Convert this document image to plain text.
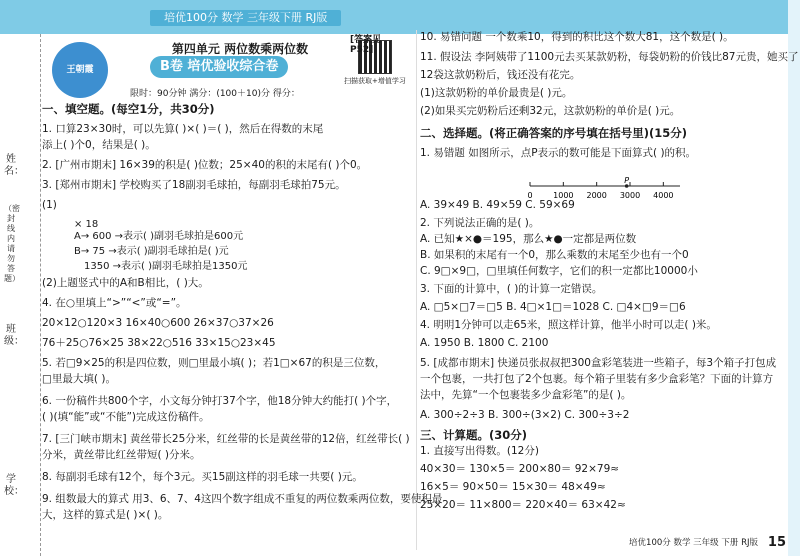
培优100分 数学 三年级下册 RJ版
姓名：
（密封线内请勿答题）
班级：
学校：
王朝霞
第四单元 两位数乘两位数
B卷 培优验收综合卷
扫描获取+增值学习
限时：90分钟 满分：(100＋10)分 得分：
[答案见P52]
一、填空题。(每空1分，共30分)
1. 口算23×30时，可以先算( )×( )＝( )，然后在得数的末尾
添上( )个0，结果是( )。
2. [广州市期末] 16×39的积是( )位数；25×40的积的末尾有( )个0。
3. [郑州市期末] 学校购买了18副羽毛球拍，每副羽毛球拍75元。
(1)
(2)上题竖式中的A和B相比，( )大。
4. 在○里填上“>”“<”或“=”。
20×12○120×3 16×40○600 26×37○37×26
76＋25○76×25 38×22○516 33×15○23×45
5. 若□9×25的积是四位数，则□里最小填( )；若1□×67的积是三位数，
□里最大填( )。
6. 一份稿件共800个字，小文每分钟打37个字，他18分钟大约能打( )个字，
( )(填“能”或“不能”)完成这份稿件。
7. [三门峡市期末] 黄丝带长25分米，红丝带的长是黄丝带的12倍，红丝带长( )
分米，黄丝带比红丝带短( )分米。
8. 每副羽毛球有12个，每个3元。买15副这样的羽毛球一共要( )元。
9. 组数最大的算式 用3、6、7、4这四个数字组成不重复的两位数乘两位数，要使积最
大，这样的算式是( )×( )。
× 18
A→ 600 →表示( )副羽毛球拍是600元
B→ 75 →表示( )副羽毛球拍是( )元
1350 →表示( )副羽毛球拍是1350元
10. 易错问题 一个数乘10，得到的积比这个数大81，这个数是( )。
11. 假设法 李阿姨带了1100元去买某款奶粉，每袋奶粉的价钱比87元贵，她买了
12袋这款奶粉后，钱还没有花完。
(1)这款奶粉的单价最贵是( )元。
(2)如果买完奶粉后还剩32元，这款奶粉的单价是( )元。
二、选择题。(将正确答案的序号填在括号里)(15分)
1. 易错题 如图所示，点P表示的数可能是下面算式( )的积。
A. 39×49 B. 49×59 C. 59×69
2. 下列说法正确的是( )。
A. 已知★×●＝195，那么★●一定都是两位数
B. 如果积的末尾有一个0，那么乘数的末尾至少也有一个0
C. 9□×9□，□里填任何数字，它们的积一定都比10000小
3. 下面的计算中，( )的计算一定错误。
A. □5×□7＝□5 B. 4□×1□＝1028 C. □4×□9＝□6
4. 明明1分钟可以走65米，照这样计算，他半小时可以走( )米。
A. 1950 B. 1800 C. 2100
5. [成都市期末] 快递员张叔叔把300盒彩笔装进一些箱子，每3个箱子打包成
一个包裹，一共打包了2个包裹。每个箱子里装有多少盒彩笔？下面的计算方
法中，先算“一个包裹装多少盒彩笔”的是( )。
A. 300÷2÷3 B. 300÷(3×2) C. 300÷3÷2
三、计算题。(30分)
1. 直接写出得数。(12分)
40×30＝ 130×5＝ 200×80＝ 92×79≈
16×5＝ 90×50＝ 15×30＝ 48×49≈
25×20＝ 11×800＝ 220×40＝ 63×42≈
0	1000 2000 3000 4000
P
培优100分 数学 三年级 下册 RJ版 15
